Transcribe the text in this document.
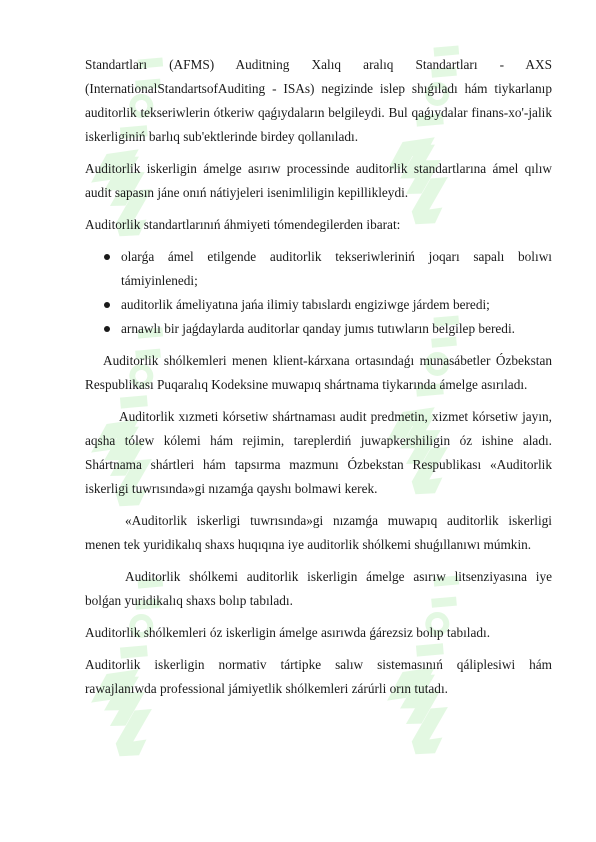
Standartları (AFMS) Auditning Xalıq aralıq Standartları - AXS (InternationalStandartsofAuditing - ISAs) negizinde islep shıǵıladı hám tiykarlanıp auditorlik tekseriwlerin ótkeriw qaǵıydaların belgileydi. Bul qaǵıydalar finans-xo'-jalik iskerliginiń barlıq sub'ektlerinde birdey qollanıladı.

Auditorlik iskerligin ámelge asırıw processinde auditorlik standartlarına ámel qılıw audit sapasın jáne onıń nátiyjeleri isenimliligin kepillikleydi.

Auditorlik standartlarınıń áhmiyeti tómendegilerden ibarat:

olarǵa ámel etilgende auditorlik tekseriwleriniń joqarı sapalı bolıwı támiyinlenedi;
auditorlik ámeliyatına jańa ilimiy tabıslardı engiziwge járdem beredi;
arnawlı bir jaǵdaylarda auditorlar qanday jumıs tutıwların belgilep beredi.

Auditorlik shólkemleri menen klient-kárxana ortasındaǵı munasábetler Ózbekstan Respublikası Puqaralıq Kodeksine muwapıq shártnama tiykarında ámelge asırıladı.

Auditorlik xızmeti kórsetiw shártnaması audit predmetin, xizmet kórsetiw jayın, aqsha tólew kólemi hám rejimin, tareplerdiń juwapkershiligin óz ishine aladı. Shártnama shártleri hám tapsırma mazmunı Ózbekstan Respublikası «Auditorlik iskerligi tuwrısında»gi nızamǵa qayshı bolmawi kerek.

«Auditorlik iskerligi tuwrısında»gi nızamǵa muwapıq auditorlik iskerligi menen tek yuridikalıq shaxs huqıqına iye auditorlik shólkemi shuǵıllanıwı múmkin.

Auditorlik shólkemi auditorlik iskerligin ámelge asırıw litsenziyasına iye bolǵan yuridikalıq shaxs bolıp tabıladı.

Auditorlik shólkemleri óz iskerligin ámelge asırıwda ǵárezsiz bolıp tabıladı.

Auditorlik iskerligin normativ tártipke salıw sistemasınıń qáliplesiwi hám rawajlanıwda professional jámiyetlik shólkemleri zárúrli orın tutadı.
